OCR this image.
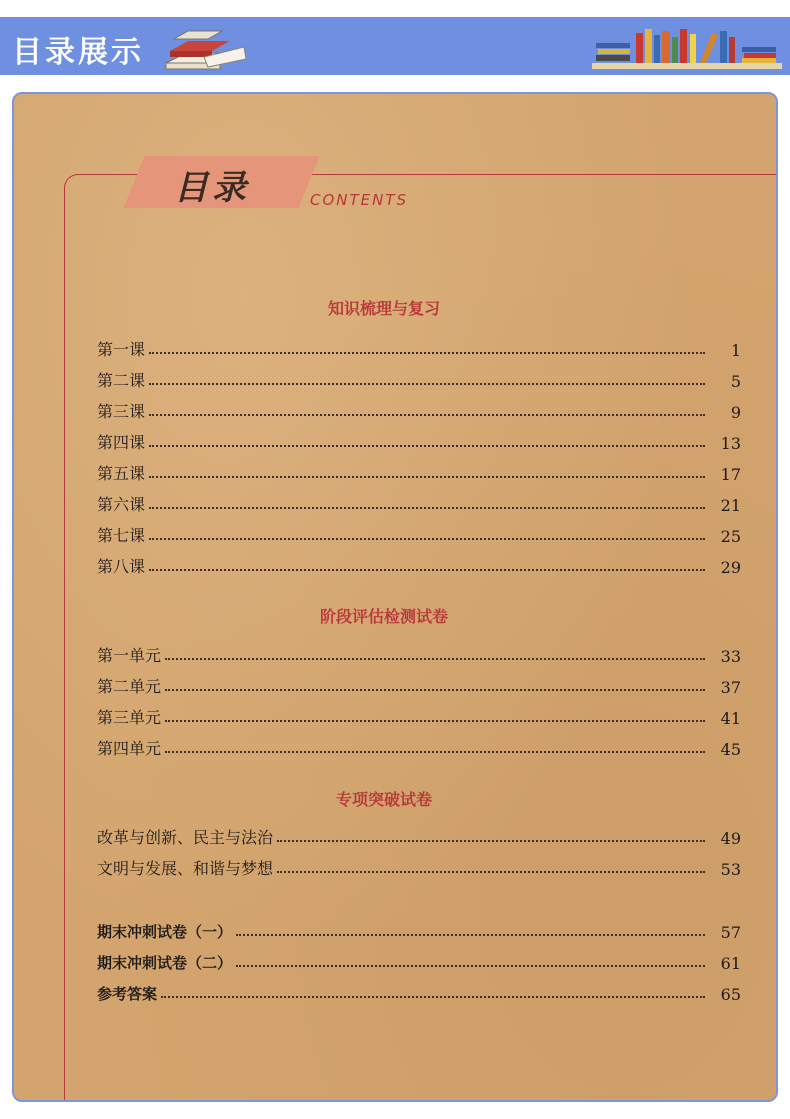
目录展示
目录	CONTENTS
知识梳理与复习
第一课	1
第二课	5
第三课	9
第四课	13
第五课	17
第六课	21
第七课	25
第八课	29
阶段评估检测试卷
第一单元	33
第二单元	37
第三单元	41
第四单元	45
专项突破试卷
改革与创新、民主与法治	49
文明与发展、和谐与梦想	53
期末冲刺试卷（一）	57
期末冲刺试卷（二）	61
参考答案	65
